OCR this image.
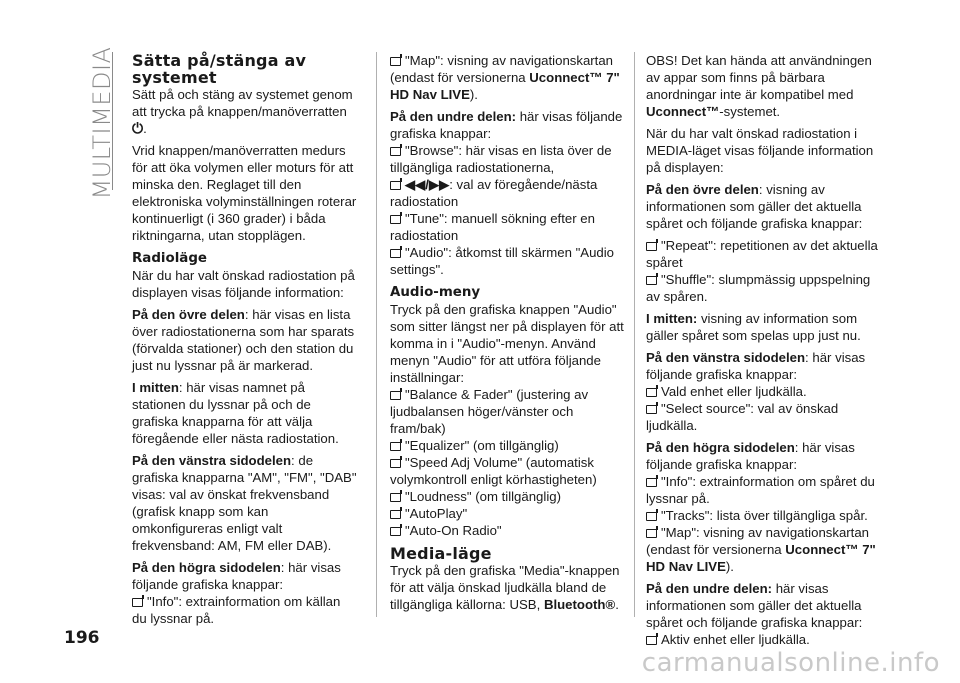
MULTIMEDIA Sätta på/stänga av systemet

Sätt på och stäng av systemet genom att trycka på knappen/manöverratten ⏻.

Vrid knappen/manöverratten medurs för att öka volymen eller moturs för att minska den. Reglaget till den elektroniska volyminställningen roterar kontinuerligt (i 360 grader) i båda riktningarna, utan stopplägen.

Radioläge

När du har valt önskad radiostation på displayen visas följande information:

På den övre delen: här visas en lista över radiostationerna som har sparats (förvalda stationer) och den station du just nu lyssnar på är markerad.

I mitten: här visas namnet på stationen du lyssnar på och de grafiska knapparna för att välja föregående eller nästa radiostation.

På den vänstra sidodelen: de grafiska knapparna "AM", "FM", "DAB" visas: val av önskat frekvensband (grafisk knapp som kan omkonfigureras enligt valt frekvensband: AM, FM eller DAB).

På den högra sidodelen: här visas följande grafiska knappar:

"Info": extrainformation om källan du lyssnar på.

"Map": visning av navigationskartan (endast för versionerna Uconnect™ 7" HD Nav LIVE).

På den undre delen: här visas följande grafiska knappar:

"Browse": här visas en lista över de tillgängliga radiostationerna,

◀◀/▶▶: val av föregående/nästa radiostation

"Tune": manuell sökning efter en radiostation

"Audio": åtkomst till skärmen "Audio settings".

Audio-meny

Tryck på den grafiska knappen "Audio" som sitter längst ner på displayen för att komma in i "Audio"-menyn. Använd menyn "Audio" för att utföra följande inställningar:

"Balance & Fader" (justering av ljudbalansen höger/vänster och fram/bak)

"Equalizer" (om tillgänglig)

"Speed Adj Volume" (automatisk volymkontroll enligt körhastigheten)

"Loudness" (om tillgänglig)

"AutoPlay"

"Auto-On Radio"

Media-läge

Tryck på den grafiska "Media"-knappen för att välja önskad ljudkälla bland de tillgängliga källorna: USB, Bluetooth®.

OBS! Det kan hända att användningen av appar som finns på bärbara anordningar inte är kompatibel med Uconnect™-systemet.

När du har valt önskad radiostation i MEDIA-läget visas följande information på displayen:

På den övre delen: visning av informationen som gäller det aktuella spåret och följande grafiska knappar:

"Repeat": repetitionen av det aktuella spåret

"Shuffle": slumpmässig uppspelning av spåren.

I mitten: visning av information som gäller spåret som spelas upp just nu.

På den vänstra sidodelen: här visas följande grafiska knappar:

Vald enhet eller ljudkälla.

"Select source": val av önskad ljudkälla.

På den högra sidodelen: här visas följande grafiska knappar:

"Info": extrainformation om spåret du lyssnar på.

"Tracks": lista över tillgängliga spår.

"Map": visning av navigationskartan (endast för versionerna Uconnect™ 7" HD Nav LIVE).

På den undre delen: här visas informationen som gäller det aktuella spåret och följande grafiska knappar:

Aktiv enhet eller ljudkälla.

196
carmanualsonline.info
